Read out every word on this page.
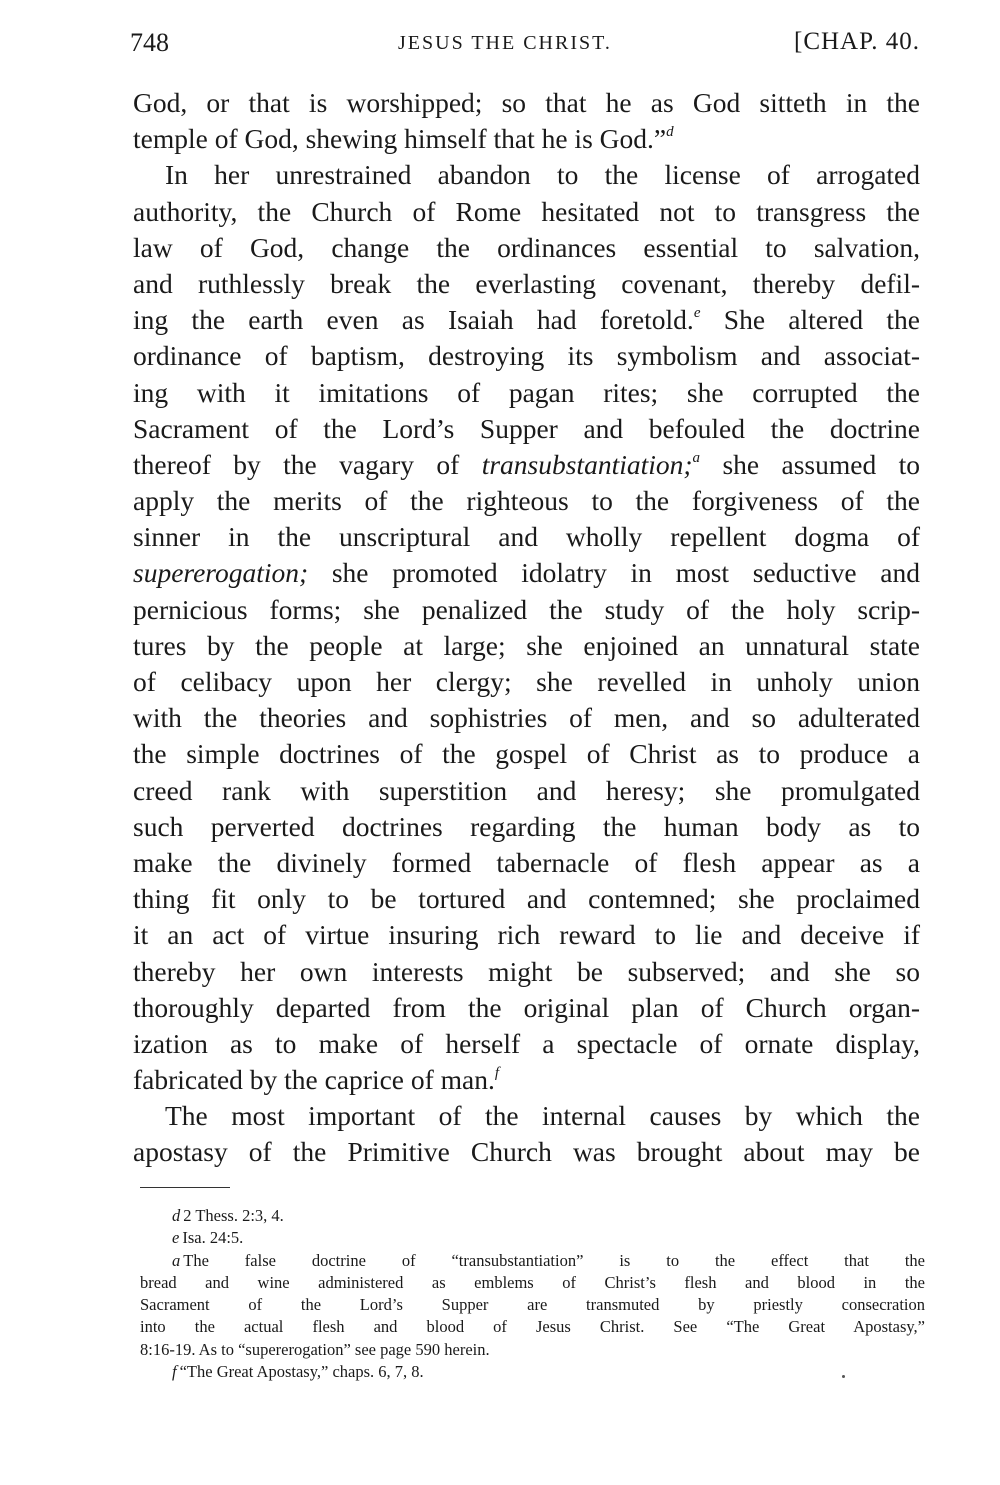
748	JESUS THE CHRIST.	[CHAP. 40.
God, or that is worshipped; so that he as God sitteth in the
temple of God, shewing himself that he is God.”$^d$
In her unrestrained abandon to the license of arrogated
authority, the Church of Rome hesitated not to transgress the
law of God, change the ordinances essential to salvation,
and ruthlessly break the everlasting covenant, thereby defil-
ing the earth even as Isaiah had foretold.$^e$ She altered the
ordinance of baptism, destroying its symbolism and associat-
ing with it imitations of pagan rites; she corrupted the
Sacrament of the Lord’s Supper and befouled the doctrine
thereof by the vagary of transubstantiation;$^a$ she assumed to
apply the merits of the righteous to the forgiveness of the
sinner in the unscriptural and wholly repellent dogma of
supererogation; she promoted idolatry in most seductive and
pernicious forms; she penalized the study of the holy scrip-
tures by the people at large; she enjoined an unnatural state
of celibacy upon her clergy; she revelled in unholy union
with the theories and sophistries of men, and so adulterated
the simple doctrines of the gospel of Christ as to produce a
creed rank with superstition and heresy; she promulgated
such perverted doctrines regarding the human body as to
make the divinely formed tabernacle of flesh appear as a
thing fit only to be tortured and contemned; she proclaimed
it an act of virtue insuring rich reward to lie and deceive if
thereby her own interests might be subserved; and she so
thoroughly departed from the original plan of Church organ-
ization as to make of herself a spectacle of ornate display,
fabricated by the caprice of man.$^f$
The most important of the internal causes by which the
apostasy of the Primitive Church was brought about may be
d 2 Thess. 2:3, 4.
e Isa. 24:5.
a The false doctrine of “transubstantiation” is to the effect that the
bread and wine administered as emblems of Christ’s flesh and blood in the
Sacrament of the Lord’s Supper are transmuted by priestly consecration
into the actual flesh and blood of Jesus Christ. See “The Great Apostasy,”
8:16-19. As to “supererogation” see page 590 herein.
f “The Great Apostasy,” chaps. 6, 7, 8.
